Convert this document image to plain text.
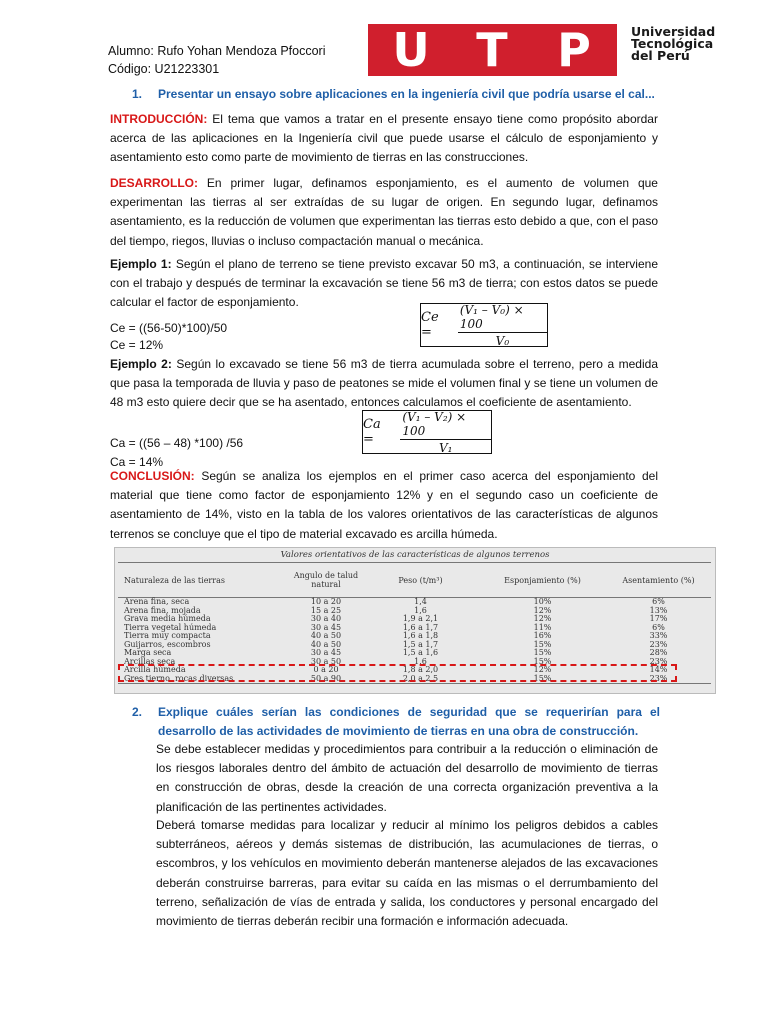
Alumno: Rufo Yohan Mendoza Pfoccori
Código: U21223301	U T P	Universidad
Tecnológica
del Perú
1. Presentar un ensayo sobre aplicaciones en la ingeniería civil que podría usarse el cal...
INTRODUCCIÓN: El tema que vamos a tratar en el presente ensayo tiene como propósito abordar acerca de las aplicaciones en la Ingeniería civil que puede usarse el cálculo de esponjamiento y asentamiento esto como parte de movimiento de tierras en las construcciones.
DESARROLLO: En primer lugar, definamos esponjamiento, es el aumento de volumen que experimentan las tierras al ser extraídas de su lugar de origen. En segundo lugar, definamos asentamiento, es la reducción de volumen que experimentan las tierras esto debido a que, con el paso del tiempo, riegos, lluvias o incluso compactación manual o mecánica.
Ejemplo 1: Según el plano de terreno se tiene previsto excavar 50 m3, a continuación, se interviene con el trabajo y después de terminar la excavación se tiene 56 m3 de tierra; con estos datos se puede calcular el factor de esponjamiento.
Ce = ((56-50)*100)/50
Ce = 12%
Ce =	$\frac{\text{(V₁ – V₀) × 100}}{\text{V₀}}$
Ejemplo 2: Según lo excavado se tiene 56 m3 de tierra acumulada sobre el terreno, pero a medida que pasa la temporada de lluvia y paso de peatones se mide el volumen final y se tiene un volumen de 48 m3 esto quiere decir que se ha asentado, entonces calculamos el coeficiente de asentamiento.
Ca = ((56 – 48) *100) /56
Ca = 14%
Ca =	$\frac{\text{(V₁ – V₂) × 100}}{\text{V₁}}$
CONCLUSIÓN: Según se analiza los ejemplos en el primer caso acerca del esponjamiento del material que tiene como factor de esponjamiento 12% y en el segundo caso un coeficiente de asentamiento de 14%, visto en la tabla de los valores orientativos de las características de algunos terrenos se concluye que el tipo de material excavado es arcilla húmeda.
Valores orientativos de las características de algunos terrenos
Naturaleza de las tierras	Angulo de talud natural	Peso (t/m³)	Esponjamiento (%)	Asentamiento (%)
Arena fina, seca	10 a 20	1,4	10%	6%
Arena fina, mojada	15 a 25	1,6	12%	13%
Grava media húmeda	30 a 40	1,9 a 2,1	12%	17%
Tierra vegetal húmeda	30 a 45	1,6 a 1,7	11%	6%
Tierra muy compacta	40 a 50	1,6 a 1,8	16%	33%
Guijarros, escombros	40 a 50	1,5 a 1,7	15%	23%
Marga seca	30 a 45	1,5 a 1,6	15%	28%
Arcillas seca	30 a 50	1,6	15%	23%
Arcilla húmeda	0 a 20	1,8 a 2,0	12%	14%
Gres tierno, rocas diversas	50 a 90	2,0 a 2,5	15%	23%
2. Explique cuáles serían las condiciones de seguridad que se requerirían para el desarrollo de las actividades de movimiento de tierras en una obra de construcción.
Se debe establecer medidas y procedimientos para contribuir a la reducción o eliminación de los riesgos laborales dentro del ámbito de actuación del desarrollo de movimiento de tierras en construcción de obras, desde la creación de una correcta organización preventiva a la planificación de las pertinentes actividades.
Deberá tomarse medidas para localizar y reducir al mínimo los peligros debidos a cables subterráneos, aéreos y demás sistemas de distribución, las acumulaciones de tierras, o escombros, y los vehículos en movimiento deberán mantenerse alejados de las excavaciones deberán construirse barreras, para evitar su caída en las mismas o el derrumbamiento del terreno, señalización de vías de entrada y salida, los conductores y personal encargado del movimiento de tierras deberán recibir una formación e información adecuada.
